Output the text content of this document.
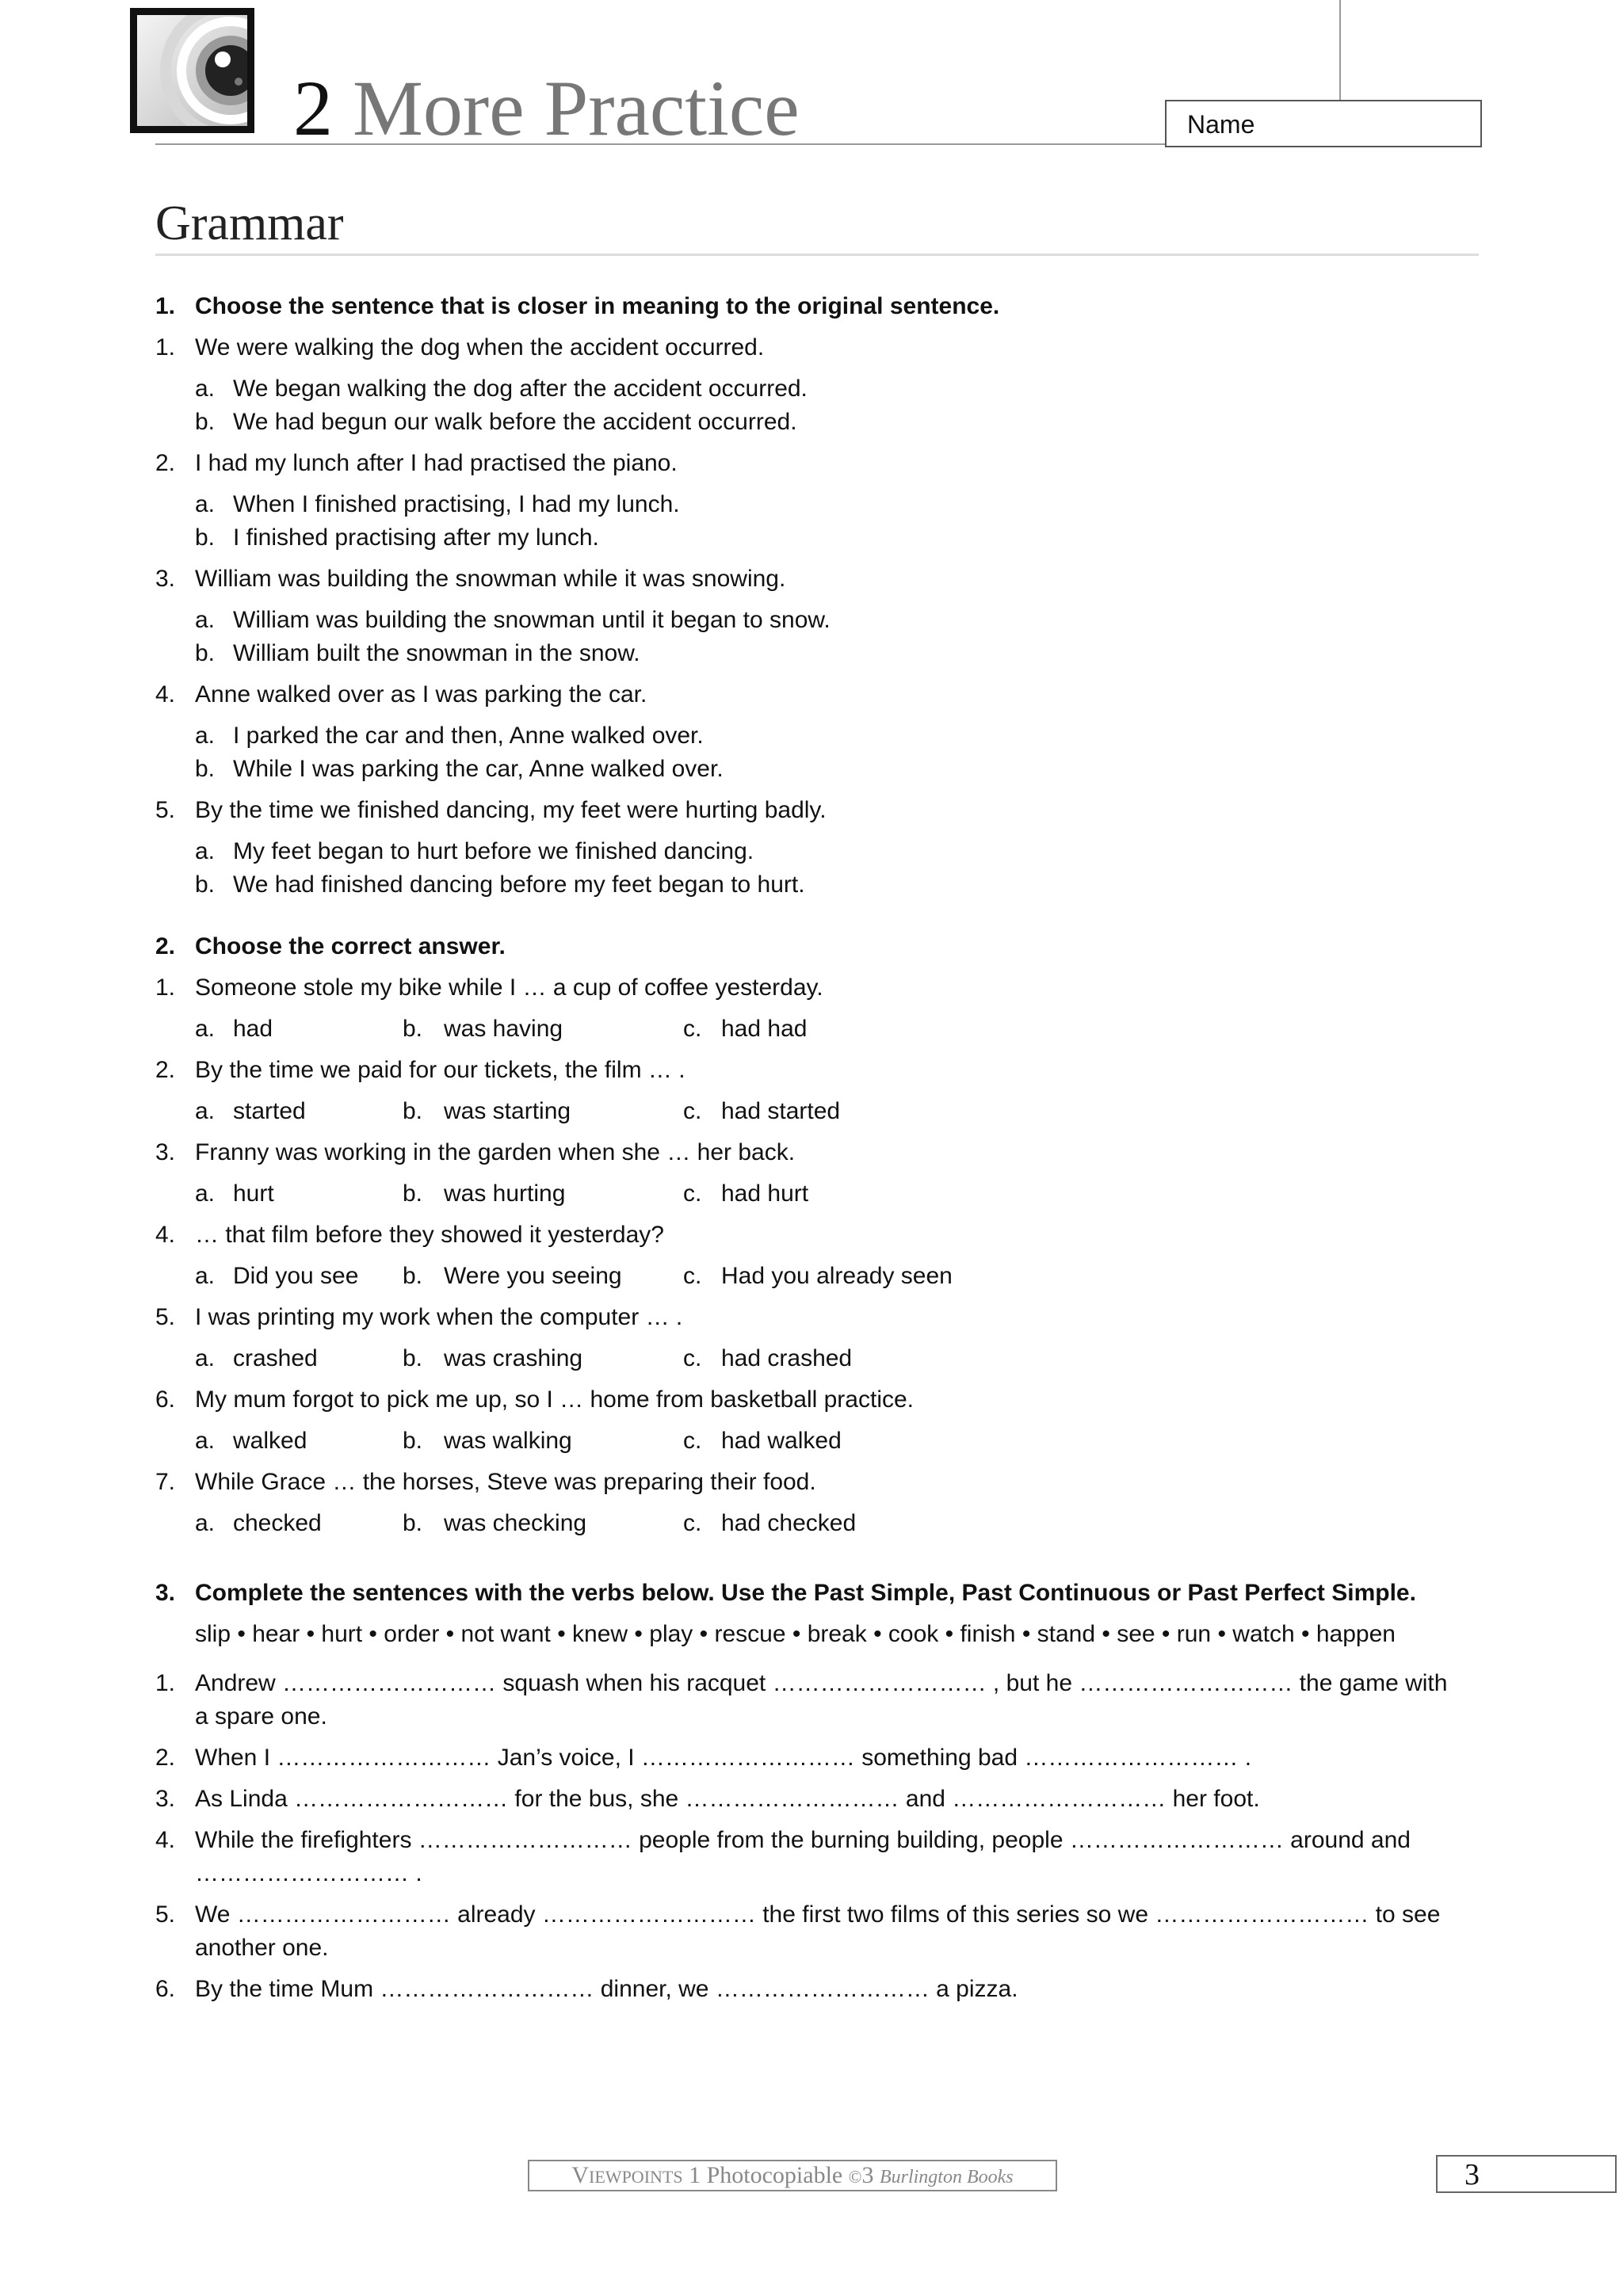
2 More Practice	Name
Grammar
1. Choose the sentence that is closer in meaning to the original sentence.
1. We were walking the dog when the accident occurred.
a. We began walking the dog after the accident occurred.
b. We had begun our walk before the accident occurred.
2. I had my lunch after I had practised the piano.
a. When I finished practising, I had my lunch.
b. I finished practising after my lunch.
3. William was building the snowman while it was snowing.
a. William was building the snowman until it began to snow.
b. William built the snowman in the snow.
4. Anne walked over as I was parking the car.
a. I parked the car and then, Anne walked over.
b. While I was parking the car, Anne walked over.
5. By the time we finished dancing, my feet were hurting badly.
a. My feet began to hurt before we finished dancing.
b. We had finished dancing before my feet began to hurt.
2. Choose the correct answer.
1. Someone stole my bike while I … a cup of coffee yesterday.
a. had	b. was having	c. had had
2. By the time we paid for our tickets, the film … .
a. started	b. was starting	c. had started
3. Franny was working in the garden when she … her back.
a. hurt	b. was hurting	c. had hurt
4. … that film before they showed it yesterday?
a. Did you see b. Were you seeing	c. Had you already seen
5. I was printing my work when the computer … .
a. crashed	b. was crashing	c. had crashed
6. My mum forgot to pick me up, so I … home from basketball practice.
a. walked	b. was walking	c. had walked
7. While Grace … the horses, Steve was preparing their food.
a. checked	b. was checking	c. had checked
3. Complete the sentences with the verbs below. Use the Past Simple, Past Continuous or Past Perfect Simple.
slip • hear • hurt • order • not want • knew • play • rescue • break • cook • finish • stand • see • run • watch • happen
1. Andrew ……………………… squash when his racquet ……………………… , but he ……………………… the game with a spare one.
2. When I ……………………… Jan’s voice, I ……………………… something bad ……………………… .
3. As Linda ……………………… for the bus, she ……………………… and ……………………… her foot.
4. While the firefighters ……………………… people from the burning building, people ……………………… around and ……………………… .
5. We ……………………… already ……………………… the first two films of this series so we ……………………… to see another one.
6. By the time Mum ……………………… dinner, we ……………………… a pizza.
VIEWPOINTS 1 Photocopiable ©3 Burlington Books	3
